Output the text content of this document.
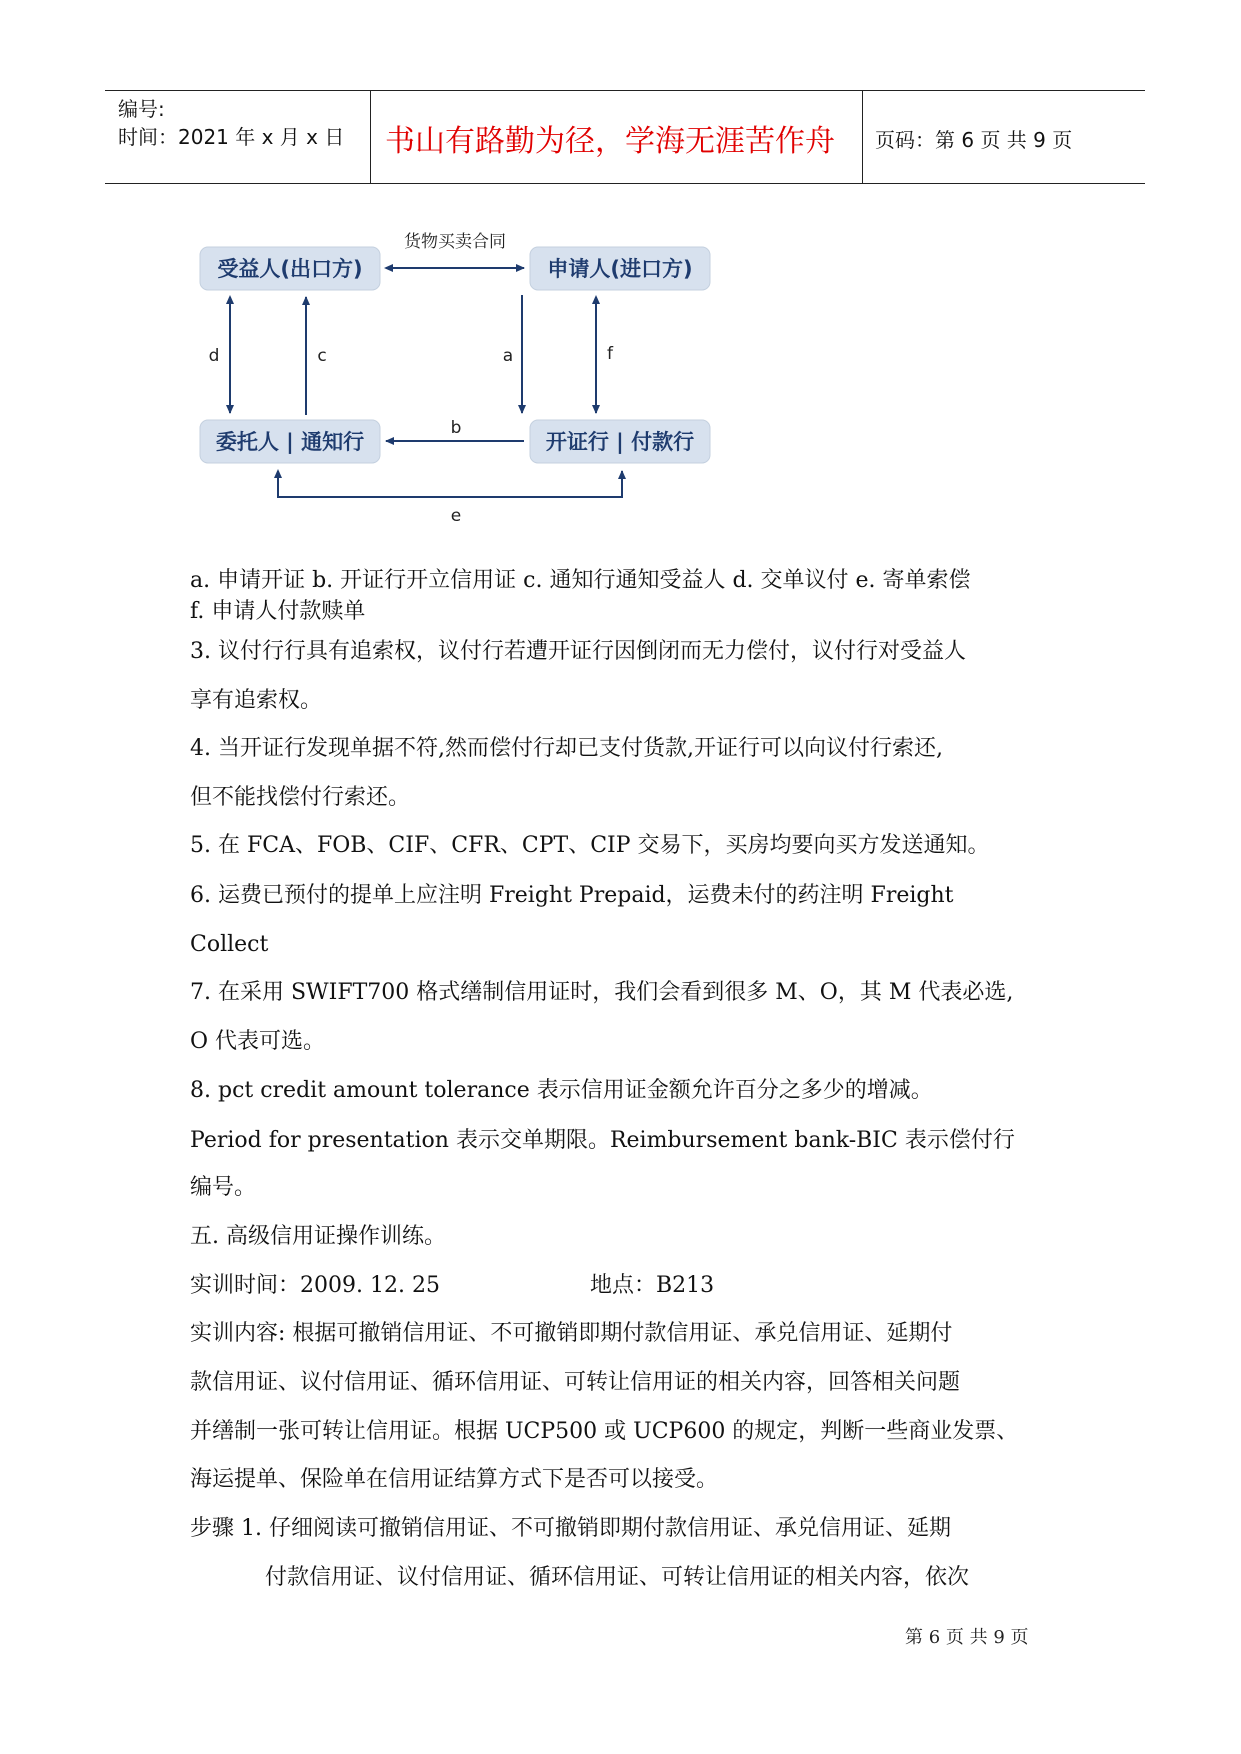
编号:
时间：2021 年 x 月 x 日	书山有路勤为径，学海无涯苦作舟	页码：第 6 页 共 9 页
受益人(出口方)	申请人(进口方)
委托人 | 通知行	开证行 | 付款行
货物买卖合同
d	c	a	f
b
e
a. 申请开证 b. 开证行开立信用证 c. 通知行通知受益人 d. 交单议付 e. 寄单索偿
f. 申请人付款赎单
3. 议付行行具有追索权，议付行若遭开证行因倒闭而无力偿付，议付行对受益人
享有追索权。
4. 当开证行发现单据不符,然而偿付行却已支付货款,开证行可以向议付行索还,
但不能找偿付行索还。
5. 在 FCA、FOB、CIF、CFR、CPT、CIP 交易下，买房均要向买方发送通知。
6. 运费已预付的提单上应注明 Freight Prepaid，运费未付的药注明 Freight
Collect
7. 在采用 SWIFT700 格式缮制信用证时，我们会看到很多 M、O，其 M 代表必选,
O 代表可选。
8. pct credit amount tolerance 表示信用证金额允许百分之多少的增减。
Period for presentation 表示交单期限。Reimbursement bank-BIC 表示偿付行
编号。
五. 高级信用证操作训练。
实训时间：2009. 12. 25	地点：B213
实训内容: 根据可撤销信用证、不可撤销即期付款信用证、承兑信用证、延期付
款信用证、议付信用证、循环信用证、可转让信用证的相关内容，回答相关问题
并缮制一张可转让信用证。根据 UCP500 或 UCP600 的规定，判断一些商业发票、
海运提单、保险单在信用证结算方式下是否可以接受。
步骤 1. 仔细阅读可撤销信用证、不可撤销即期付款信用证、承兑信用证、延期
付款信用证、议付信用证、循环信用证、可转让信用证的相关内容，依次
第 6 页 共 9 页
